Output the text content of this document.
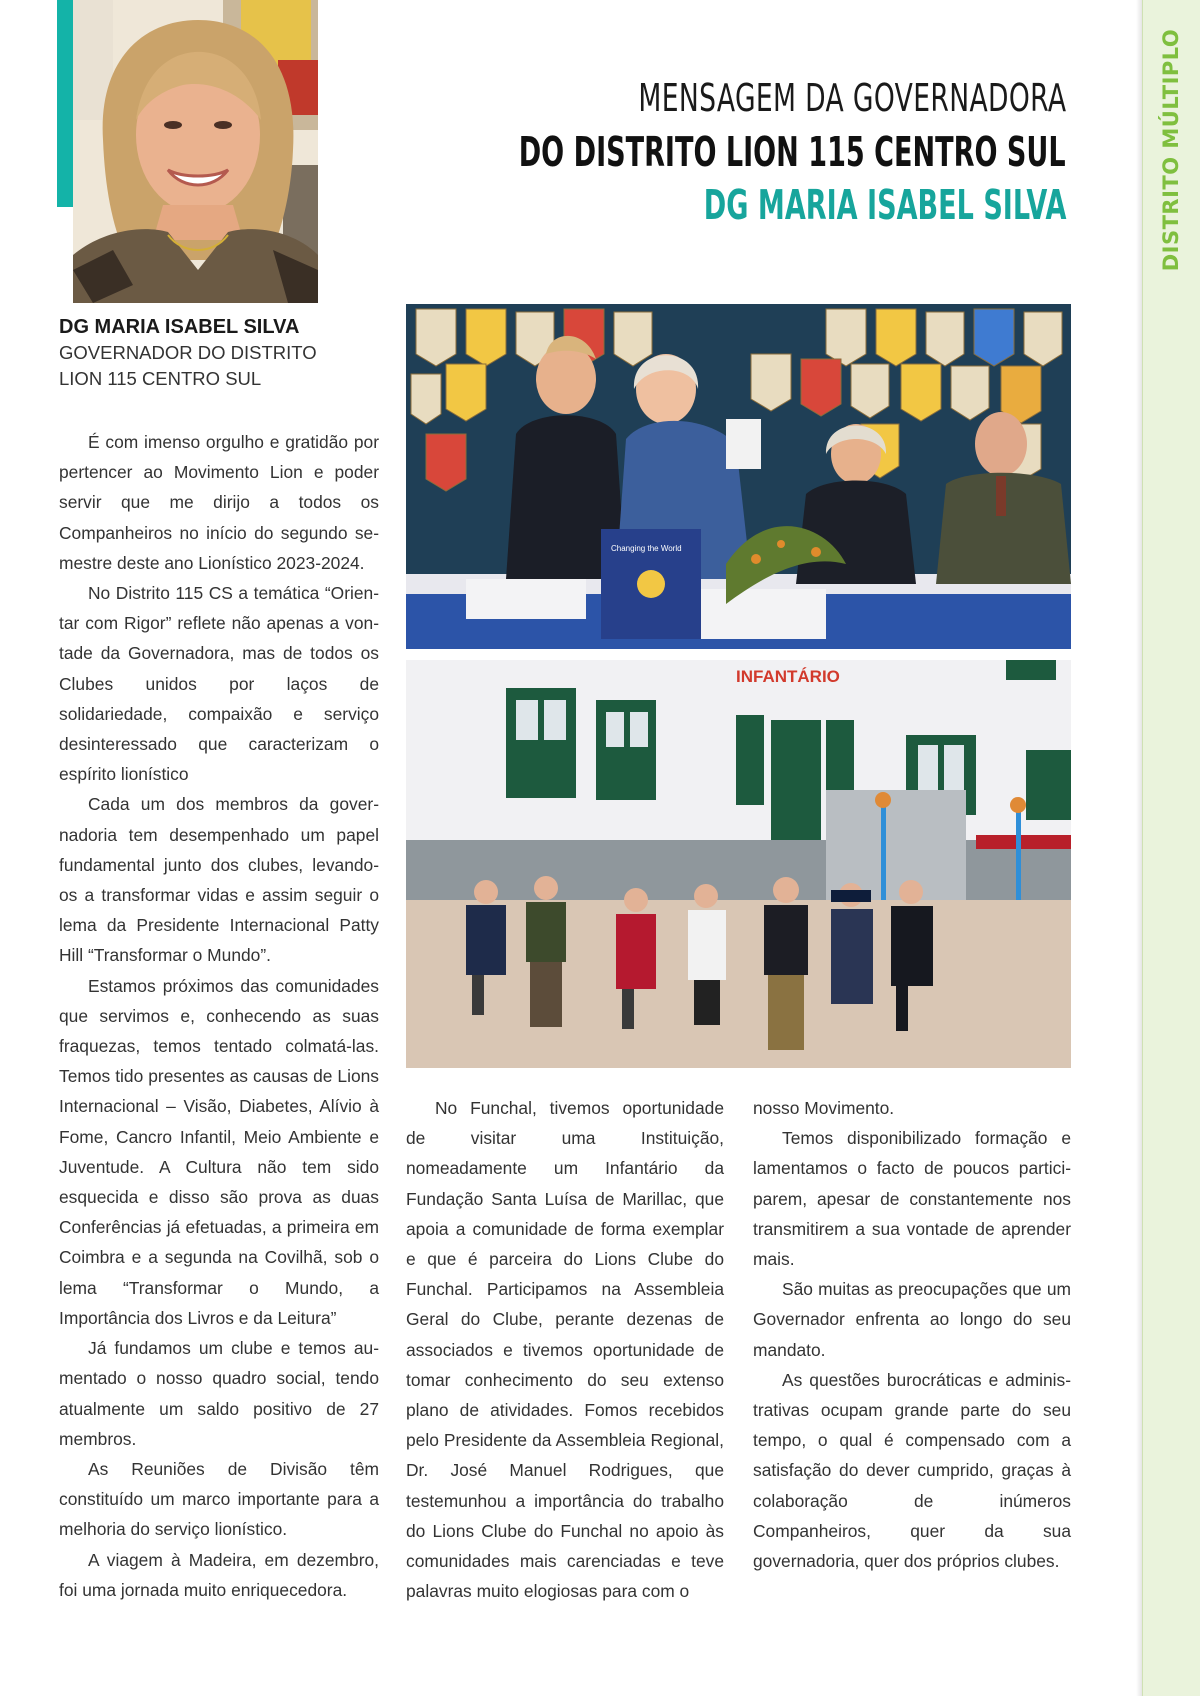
DISTRITO MÚLTIPLO
MENSAGEM DA GOVERNADORA
DO DISTRITO LION 115 CENTRO SUL
DG MARIA ISABEL SILVA
DG MARIA ISABEL SILVA
GOVERNADOR DO DISTRITO
LION 115 CENTRO SUL

É com imenso orgulho e gratidão por pertencer ao Movimento Lion e poder servir que me dirijo a todos os Companheiros no início do segundo semestre deste ano Lionístico 2023-2024.

No Distrito 115 CS a temática “Orientar com Rigor” reflete não apenas a vontade da Governadora, mas de todos os Clubes unidos por laços de solidariedade, compaixão e serviço desinteressado que caracterizam o espírito lionístico

Cada um dos membros da governadoria tem desempenhado um papel fundamental junto dos clubes, levando-os a transformar vidas e assim seguir o lema da Presidente Internacional Patty Hill “Transformar o Mundo”.

Estamos próximos das comunidades que servimos e, conhecendo as suas fraquezas, temos tentado colmatá-las. Temos tido presentes as causas de Lions Internacional – Visão, Diabetes, Alívio à Fome, Cancro Infantil, Meio Ambiente e Juventude. A Cultura não tem sido esquecida e disso são prova as duas Conferências já efetuadas, a primeira em Coimbra e a segunda na Covilhã, sob o lema “Transformar o Mundo, a Importância dos Livros e da Leitura”

Já fundamos um clube e temos aumentado o nosso quadro social, tendo atualmente um saldo positivo de 27 membros.

As Reuniões de Divisão têm constituído um marco importante para a melhoria do serviço lionístico.

A viagem à Madeira, em dezembro, foi uma jornada muito enriquecedora.

Changing the World
INFANTÁRIO

No Funchal, tivemos oportunidade de visitar uma Instituição, nomeadamente um Infantário da Fundação Santa Luísa de Marillac, que apoia a comunidade de forma exemplar e que é parceira do Lions Clube do Funchal. Participamos na Assembleia Geral do Clube, perante dezenas de associados e tivemos oportunidade de tomar conhecimento do seu extenso plano de atividades. Fomos recebidos pelo Presidente da Assembleia Regional, Dr. José Manuel Rodrigues, que testemunhou a importância do trabalho do Lions Clube do Funchal no apoio às comunidades mais carenciadas e teve palavras muito elogiosas para com o

nosso Movimento.

Temos disponibilizado formação e lamentamos o facto de poucos participarem, apesar de constantemente nos transmitirem a sua vontade de aprender mais.

São muitas as preocupações que um Governador enfrenta ao longo do seu mandato.

As questões burocráticas e administrativas ocupam grande parte do seu tempo, o qual é compensado com a satisfação do dever cumprido, graças à colaboração de inúmeros Companheiros, quer da sua governadoria, quer dos próprios clubes.
